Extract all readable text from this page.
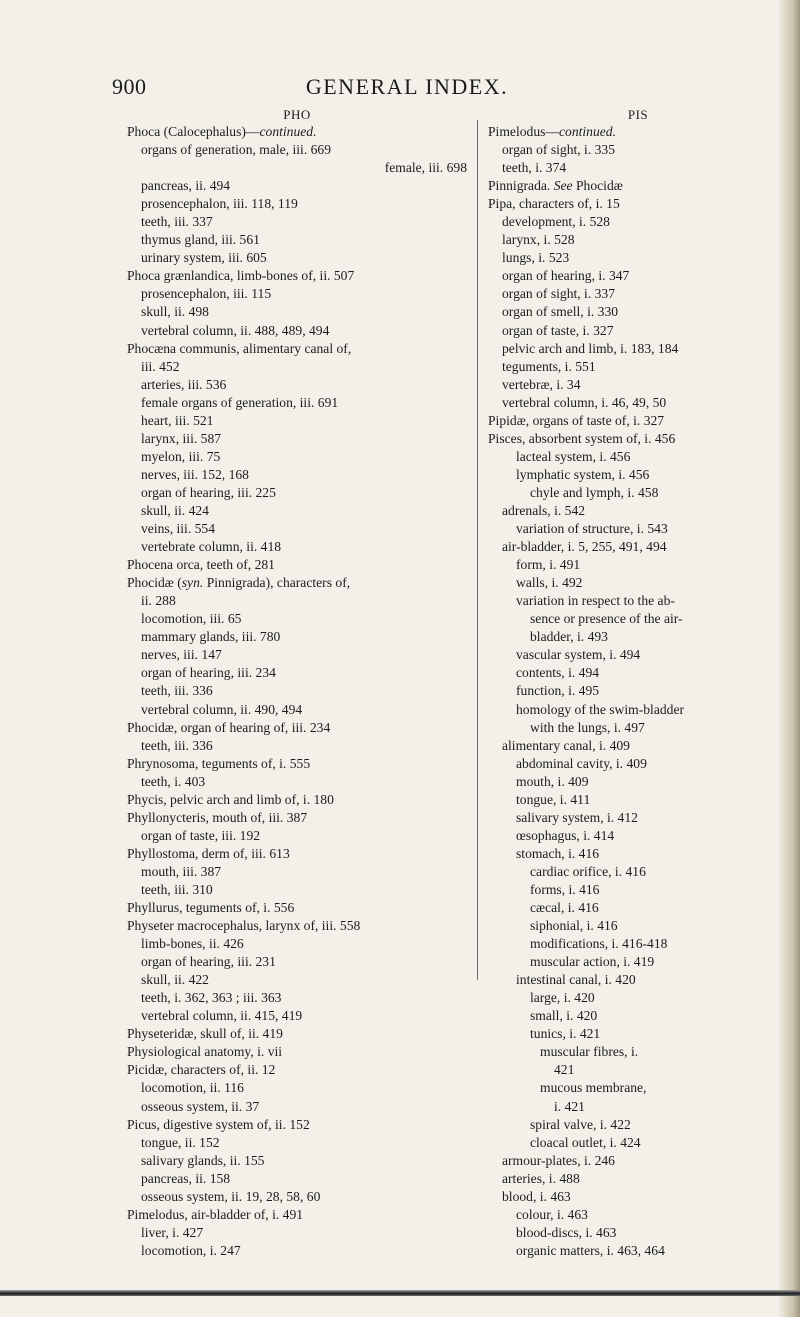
900	GENERAL INDEX.
PHO
Phoca (Calocephalus)—continued.
organs of generation, male, iii. 669
female, iii. 698
pancreas, ii. 494
prosencephalon, iii. 118, 119
teeth, iii. 337
thymus gland, iii. 561
urinary system, iii. 605
Phoca grænlandica, limb-bones of, ii. 507
prosencephalon, iii. 115
skull, ii. 498
vertebral column, ii. 488, 489, 494
Phocæna communis, alimentary canal of,
iii. 452
arteries, iii. 536
female organs of generation, iii. 691
heart, iii. 521
larynx, iii. 587
myelon, iii. 75
nerves, iii. 152, 168
organ of hearing, iii. 225
skull, ii. 424
veins, iii. 554
vertebrate column, ii. 418
Phocena orca, teeth of, 281
Phocidæ (syn. Pinnigrada), characters of,
ii. 288
locomotion, iii. 65
mammary glands, iii. 780
nerves, iii. 147
organ of hearing, iii. 234
teeth, iii. 336
vertebral column, ii. 490, 494
Phocidæ, organ of hearing of, iii. 234
teeth, iii. 336
Phrynosoma, teguments of, i. 555
teeth, i. 403
Phycis, pelvic arch and limb of, i. 180
Phyllonycteris, mouth of, iii. 387
organ of taste, iii. 192
Phyllostoma, derm of, iii. 613
mouth, iii. 387
teeth, iii. 310
Phyllurus, teguments of, i. 556
Physeter macrocephalus, larynx of, iii. 558
limb-bones, ii. 426
organ of hearing, iii. 231
skull, ii. 422
teeth, i. 362, 363 ; iii. 363
vertebral column, ii. 415, 419
Physeteridæ, skull of, ii. 419
Physiological anatomy, i. vii
Picidæ, characters of, ii. 12
locomotion, ii. 116
osseous system, ii. 37
Picus, digestive system of, ii. 152
tongue, ii. 152
salivary glands, ii. 155
pancreas, ii. 158
osseous system, ii. 19, 28, 58, 60
Pimelodus, air-bladder of, i. 491
liver, i. 427
locomotion, i. 247
PIS
Pimelodus—continued.
organ of sight, i. 335
teeth, i. 374
Pinnigrada. See Phocidæ
Pipa, characters of, i. 15
development, i. 528
larynx, i. 528
lungs, i. 523
organ of hearing, i. 347
organ of sight, i. 337
organ of smell, i. 330
organ of taste, i. 327
pelvic arch and limb, i. 183, 184
teguments, i. 551
vertebræ, i. 34
vertebral column, i. 46, 49, 50
Pipidæ, organs of taste of, i. 327
Pisces, absorbent system of, i. 456
lacteal system, i. 456
lymphatic system, i. 456
chyle and lymph, i. 458
adrenals, i. 542
variation of structure, i. 543
air-bladder, i. 5, 255, 491, 494
form, i. 491
walls, i. 492
variation in respect to the ab-
sence or presence of the air-
bladder, i. 493
vascular system, i. 494
contents, i. 494
function, i. 495
homology of the swim-bladder
with the lungs, i. 497
alimentary canal, i. 409
abdominal cavity, i. 409
mouth, i. 409
tongue, i. 411
salivary system, i. 412
œsophagus, i. 414
stomach, i. 416
cardiac orifice, i. 416
forms, i. 416
cæcal, i. 416
siphonial, i. 416
modifications, i. 416-418
muscular action, i. 419
intestinal canal, i. 420
large, i. 420
small, i. 420
tunics, i. 421
muscular fibres, i.
421
mucous membrane,
i. 421
spiral valve, i. 422
cloacal outlet, i. 424
armour-plates, i. 246
arteries, i. 488
blood, i. 463
colour, i. 463
blood-discs, i. 463
organic matters, i. 463, 464
